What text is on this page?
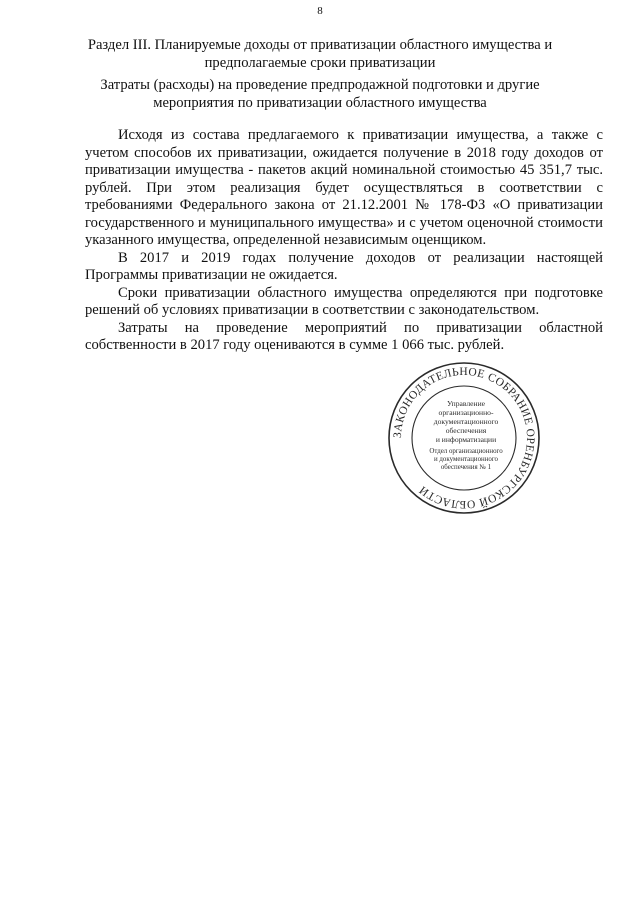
8
Раздел III. Планируемые доходы от приватизации областного имущества и предполагаемые сроки приватизации
Затраты (расходы) на проведение предпродажной подготовки и другие мероприятия по приватизации областного имущества

Исходя из состава предлагаемого к приватизации имущества, а также с учетом способов их приватизации, ожидается получение в 2018 году доходов от приватизации имущества - пакетов акций номинальной стоимостью 45 351,7 тыс. рублей. При этом реализация будет осуществляться в соответствии с требованиями Федерального закона от 21.12.2001 № 178-ФЗ «О приватизации государственного и муниципального имущества» и с учетом оценочной стоимости указанного имущества, определенной независимым оценщиком.

В 2017 и 2019 годах получение доходов от реализации настоящей Программы приватизации не ожидается.

Сроки приватизации областного имущества определяются при подготовке решений об условиях приватизации в соответствии с законодательством.

Затраты на проведение мероприятий по приватизации областной собственности в 2017 году оцениваются в сумме 1 066 тыс. рублей.

ЗАКОНОДАТЕЛЬНОЕ СОБРАНИЕ ОРЕНБУРГСКОЙ ОБЛАСТИ
Управление
организационно-
документационного
обеспечения
и информатизации
Отдел организационного
и документационного
обеспечения № 1
